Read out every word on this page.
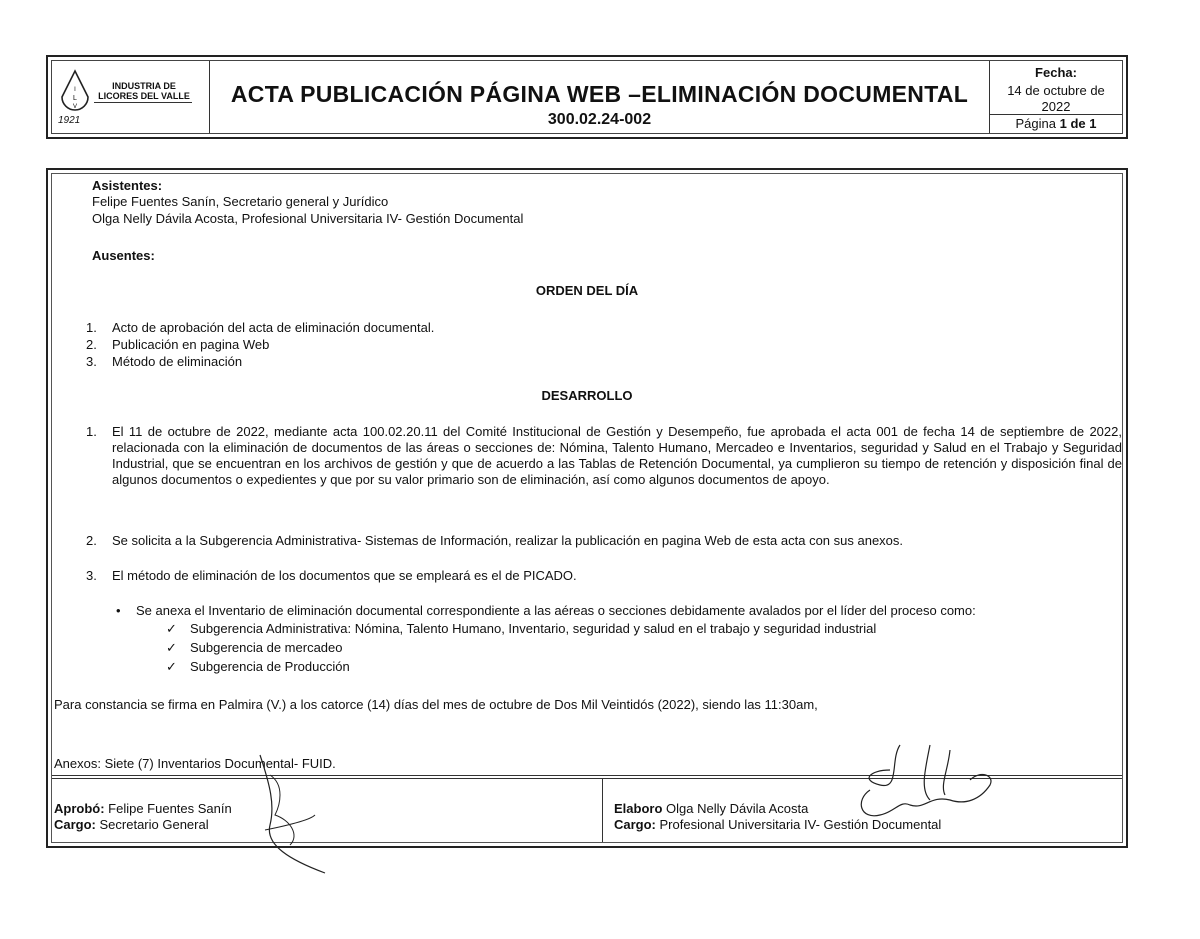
I
L
V
INDUSTRIA DE LICORES DEL VALLE
1921
ACTA PUBLICACIÓN PÁGINA WEB –ELIMINACIÓN DOCUMENTAL
300.02.24-002
Fecha:
14 de octubre de 2022
Página 1 de 1
Asistentes:
Felipe Fuentes Sanín, Secretario general y Jurídico
Olga Nelly Dávila Acosta, Profesional Universitaria IV- Gestión Documental
Ausentes:
ORDEN DEL DÍA
1. Acto de aprobación del acta de eliminación documental.
2. Publicación en pagina Web
3. Método de eliminación
DESARROLLO
1. El 11 de octubre de 2022, mediante acta 100.02.20.11 del Comité Institucional de Gestión y Desempeño, fue aprobada el acta 001 de fecha 14 de septiembre de 2022, relacionada con la eliminación de documentos de las áreas o secciones de: Nómina, Talento Humano, Mercadeo e Inventarios, seguridad y Salud en el Trabajo y Seguridad Industrial, que se encuentran en los archivos de gestión y que de acuerdo a las Tablas de Retención Documental, ya cumplieron su tiempo de retención y disposición final de algunos documentos o expedientes y que por su valor primario son de eliminación, así como algunos documentos de apoyo.
2. Se solicita a la Subgerencia Administrativa- Sistemas de Información, realizar la publicación en pagina Web de esta acta con sus anexos.
3. El método de eliminación de los documentos que se empleará es el de PICADO.
• Se anexa el Inventario de eliminación documental correspondiente a las aéreas o secciones debidamente avalados por el líder del proceso como:
✓ Subgerencia Administrativa: Nómina, Talento Humano, Inventario, seguridad y salud en el trabajo y seguridad industrial
✓ Subgerencia de mercadeo
✓ Subgerencia de Producción
Para constancia se firma en Palmira (V.) a los catorce (14) días del mes de octubre de Dos Mil Veintidós (2022), siendo las 11:30am,
Anexos: Siete (7) Inventarios Documental- FUID.
Aprobó: Felipe Fuentes Sanín
Cargo: Secretario General
Elaboro Olga Nelly Dávila Acosta
Cargo: Profesional Universitaria IV- Gestión Documental
